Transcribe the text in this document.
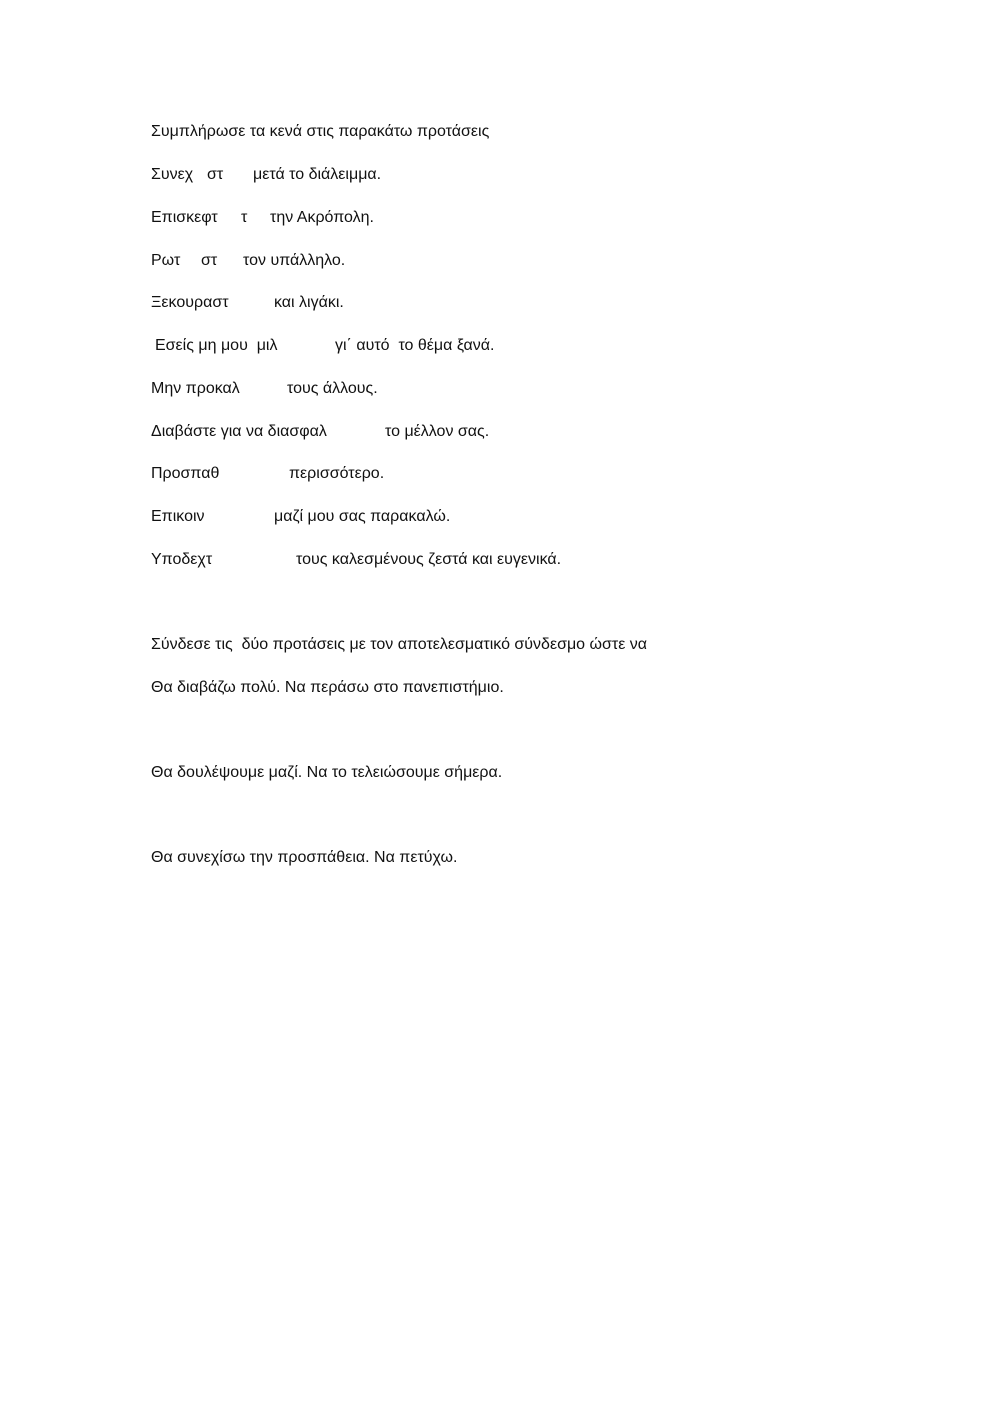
Συμπλήρωσε τα κενά στις παρακάτω προτάσεις
Συνεχ στ μετά το διάλειμμα.
Επισκεφτ τ την Ακρόπολη.
Ρωτ στ τον υπάλληλο.
Ξεκουραστ	και λιγάκι.
Εσείς μη μου  μιλ	γι΄ αυτό  το θέμα ξανά.
Μην προκαλ	τους άλλους.
Διαβάστε για να διασφαλ	το μέλλον σας.
Προσπαθ	περισσότερο.
Επικοιν	μαζί μου σας παρακαλώ.
Υποδεχτ	τους καλεσμένους ζεστά και ευγενικά.
Σύνδεσε τις  δύο προτάσεις με τον αποτελεσματικό σύνδεσμο ώστε να
Θα διαβάζω πολύ. Να περάσω στο πανεπιστήμιο.
Θα δουλέψουμε μαζί. Να το τελειώσουμε σήμερα.
Θα συνεχίσω την προσπάθεια. Να πετύχω.
